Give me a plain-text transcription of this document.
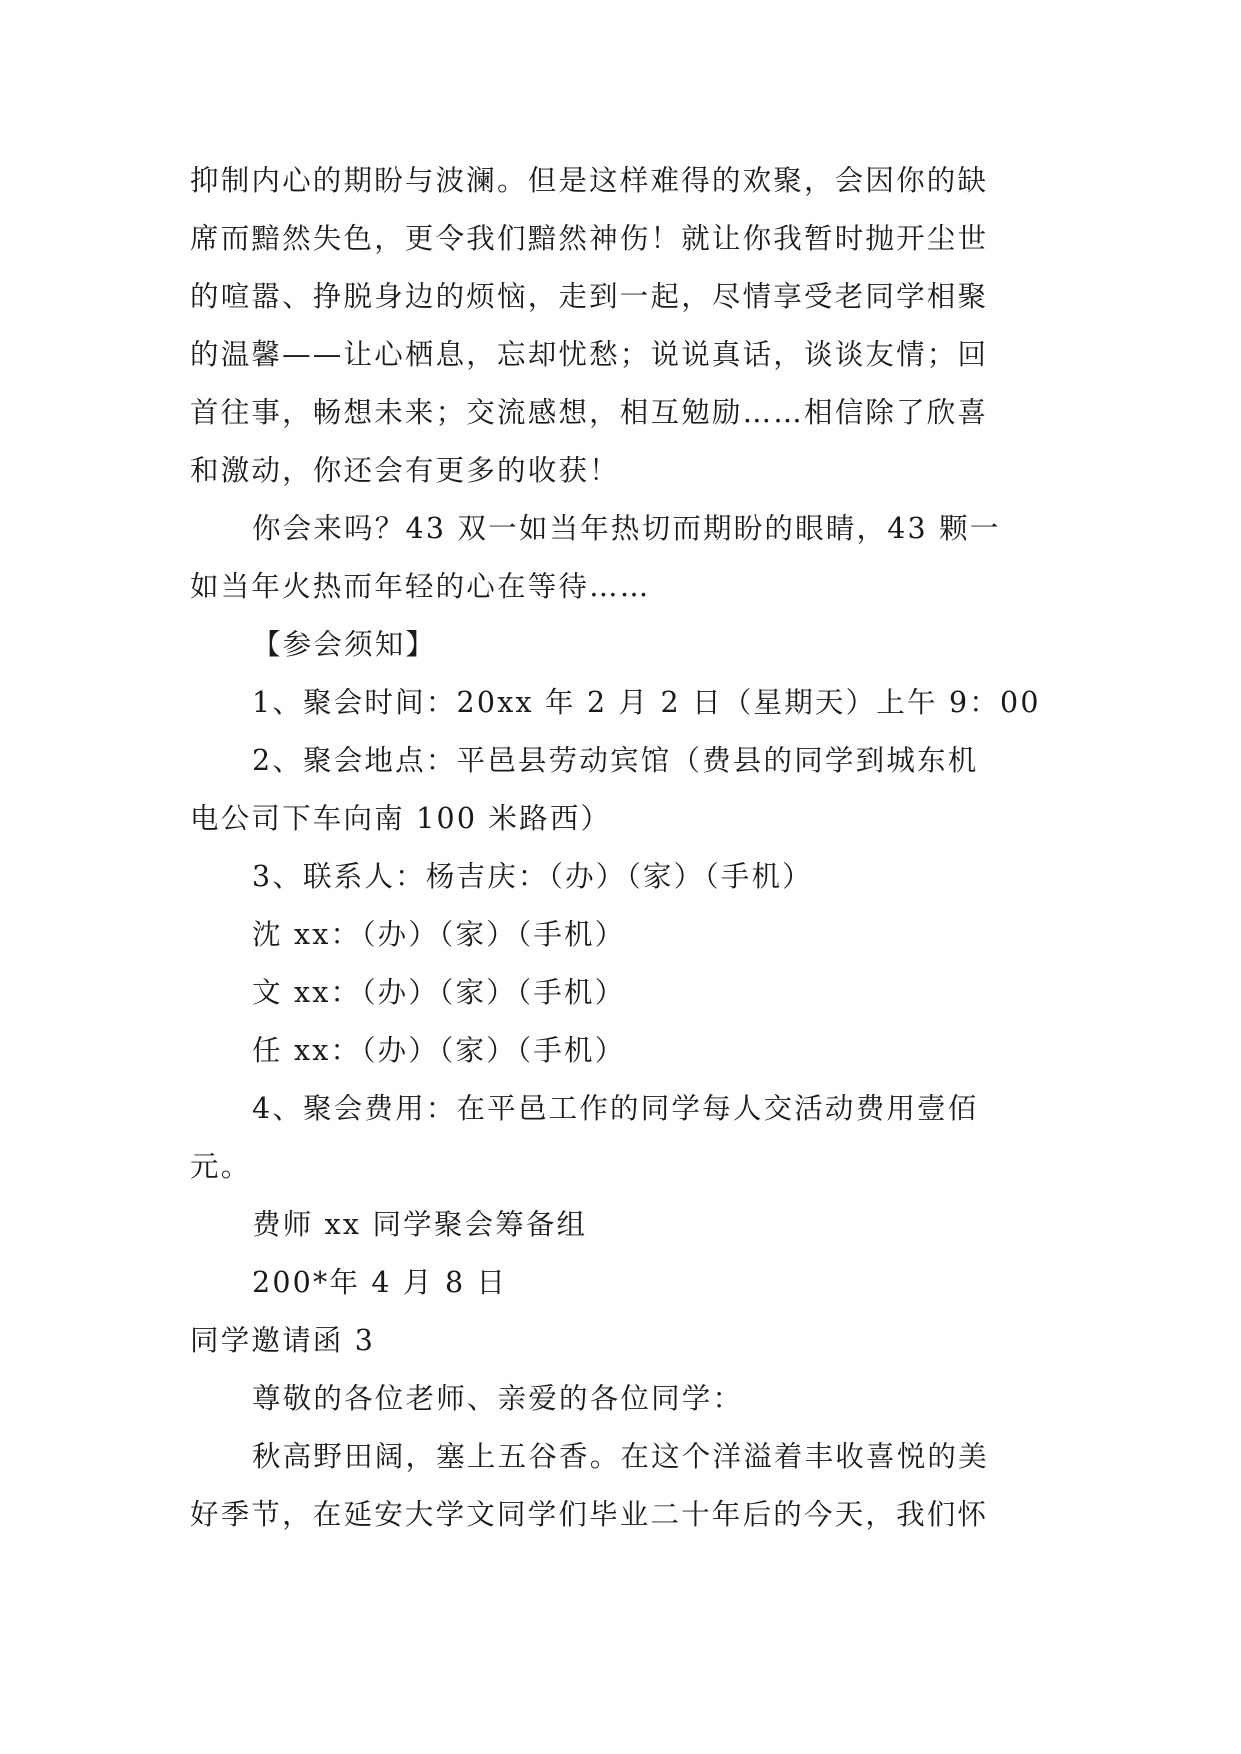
抑制内心的期盼与波澜。但是这样难得的欢聚，会因你的缺
席而黯然失色，更令我们黯然神伤！就让你我暂时抛开尘世
的喧嚣、挣脱身边的烦恼，走到一起，尽情享受老同学相聚
的温馨——让心栖息，忘却忧愁；说说真话，谈谈友情；回
首往事，畅想未来；交流感想，相互勉励……相信除了欣喜
和激动，你还会有更多的收获！
你会来吗？43 双一如当年热切而期盼的眼睛，43 颗一
如当年火热而年轻的心在等待……
【参会须知】
1、聚会时间：20xx 年 2 月 2 日（星期天）上午 9：00
2、聚会地点：平邑县劳动宾馆（费县的同学到城东机
电公司下车向南 100 米路西）
3、联系人：杨吉庆：（办）（家）（手机）
沈 xx：（办）（家）（手机）
文 xx：（办）（家）（手机）
任 xx：（办）（家）（手机）
4、聚会费用：在平邑工作的同学每人交活动费用壹佰
元。
费师 xx 同学聚会筹备组
200*年 4 月 8 日
同学邀请函 3
尊敬的各位老师、亲爱的各位同学：
秋高野田阔，塞上五谷香。在这个洋溢着丰收喜悦的美
好季节，在延安大学文同学们毕业二十年后的今天，我们怀
